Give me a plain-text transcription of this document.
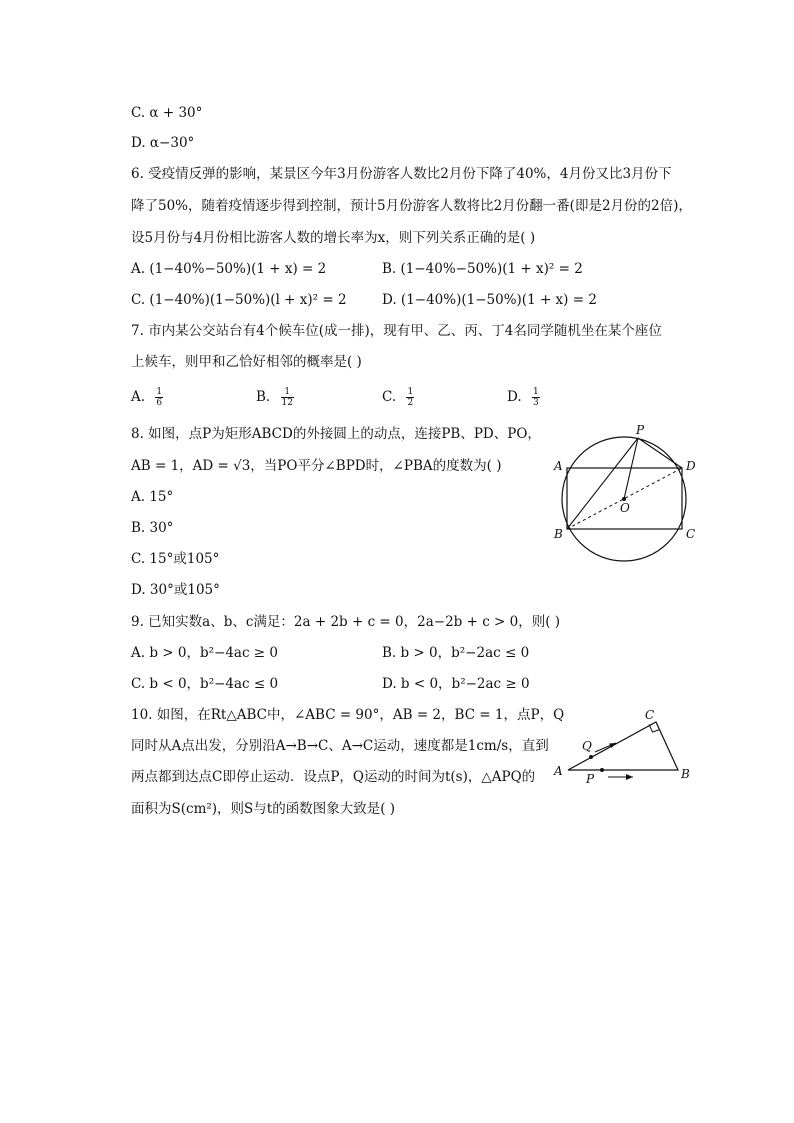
C. α + 30°
D. α−30°
6. 受疫情反弹的影响，某景区今年3月份游客人数比2月份下降了40%，4月份又比3月份下
降了50%，随着疫情逐步得到控制，预计5月份游客人数将比2月份翻一番(即是2月份的2倍)，
设5月份与4月份相比游客人数的增长率为x，则下列关系正确的是( )
A. (1−40%−50%)(1 + x) = 2	B. (1−40%−50%)(1 + x)² = 2
C. (1−40%)(1−50%)(l + x)² = 2	D. (1−40%)(1−50%)(1 + x) = 2
7. 市内某公交站台有4个候车位(成一排)，现有甲、乙、丙、丁4名同学随机坐在某个座位
上候车，则甲和乙恰好相邻的概率是( )
A. $\frac{1}{6}$	B. $\frac{1}{12}$	C. $\frac{1}{2}$	D. $\frac{1}{3}$
8. 如图，点P为矩形ABCD的外接圆上的动点，连接PB、PD、PO，
AB = 1，AD = √3，当PO平分∠BPD时，∠PBA的度数为( )
A. 15°
B. 30°
C. 15°或105°
D. 30°或105°
P
A	D
O
B	C
9. 已知实数a、b、c满足：2a + 2b + c = 0，2a−2b + c > 0，则( )
A. b > 0，b²−4ac ≥ 0	B. b > 0，b²−2ac ≤ 0
C. b < 0，b²−4ac ≤ 0	D. b < 0，b²−2ac ≥ 0
10. 如图，在Rt△ABC中，∠ABC = 90°，AB = 2，BC = 1，点P，Q
同时从A点出发，分别沿A→B→C、A→C运动，速度都是1cm/s，直到
两点都到达点C即停止运动．设点P，Q运动的时间为t(s)，△APQ的
面积为S(cm²)，则S与t的函数图象大致是( )
C
Q
A
P	B
